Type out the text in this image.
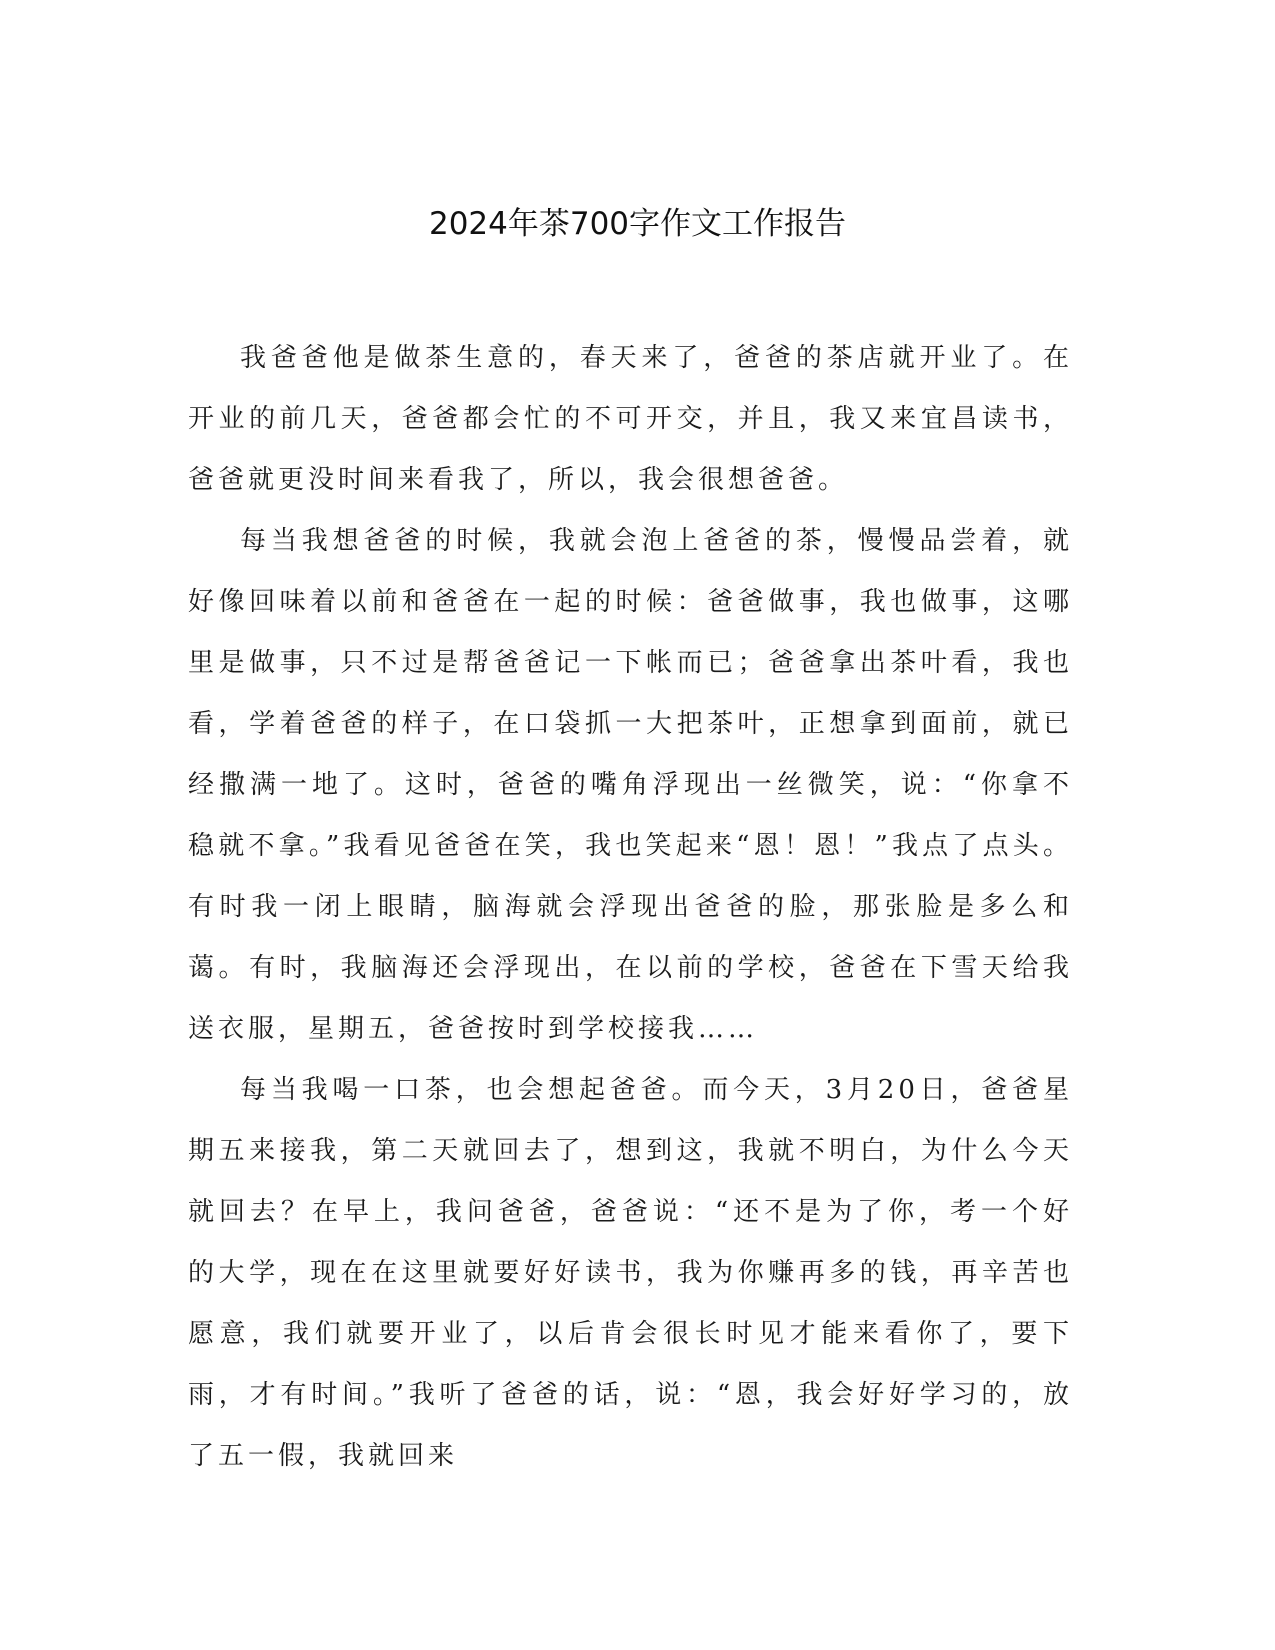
2024年茶700字作文工作报告

我爸爸他是做茶生意的，春天来了，爸爸的茶店就开业了。在开业的前几天，爸爸都会忙的不可开交，并且，我又来宜昌读书，爸爸就更没时间来看我了，所以，我会很想爸爸。

每当我想爸爸的时候，我就会泡上爸爸的茶，慢慢品尝着，就好像回味着以前和爸爸在一起的时候：爸爸做事，我也做事，这哪里是做事，只不过是帮爸爸记一下帐而已；爸爸拿出茶叶看，我也看，学着爸爸的样子，在口袋抓一大把茶叶，正想拿到面前，就已经撒满一地了。这时，爸爸的嘴角浮现出一丝微笑，说：“你拿不稳就不拿。”我看见爸爸在笑，我也笑起来“恩！恩！”我点了点头。有时我一闭上眼睛，脑海就会浮现出爸爸的脸，那张脸是多么和蔼。有时，我脑海还会浮现出，在以前的学校，爸爸在下雪天给我送衣服，星期五，爸爸按时到学校接我……

每当我喝一口茶，也会想起爸爸。而今天，3月20日，爸爸星期五来接我，第二天就回去了，想到这，我就不明白，为什么今天就回去？在早上，我问爸爸，爸爸说：“还不是为了你，考一个好的大学，现在在这里就要好好读书，我为你赚再多的钱，再辛苦也愿意，我们就要开业了，以后肯会很长时见才能来看你了，要下雨，才有时间。”我听了爸爸的话，说：“恩，我会好好学习的，放了五一假，我就回来
